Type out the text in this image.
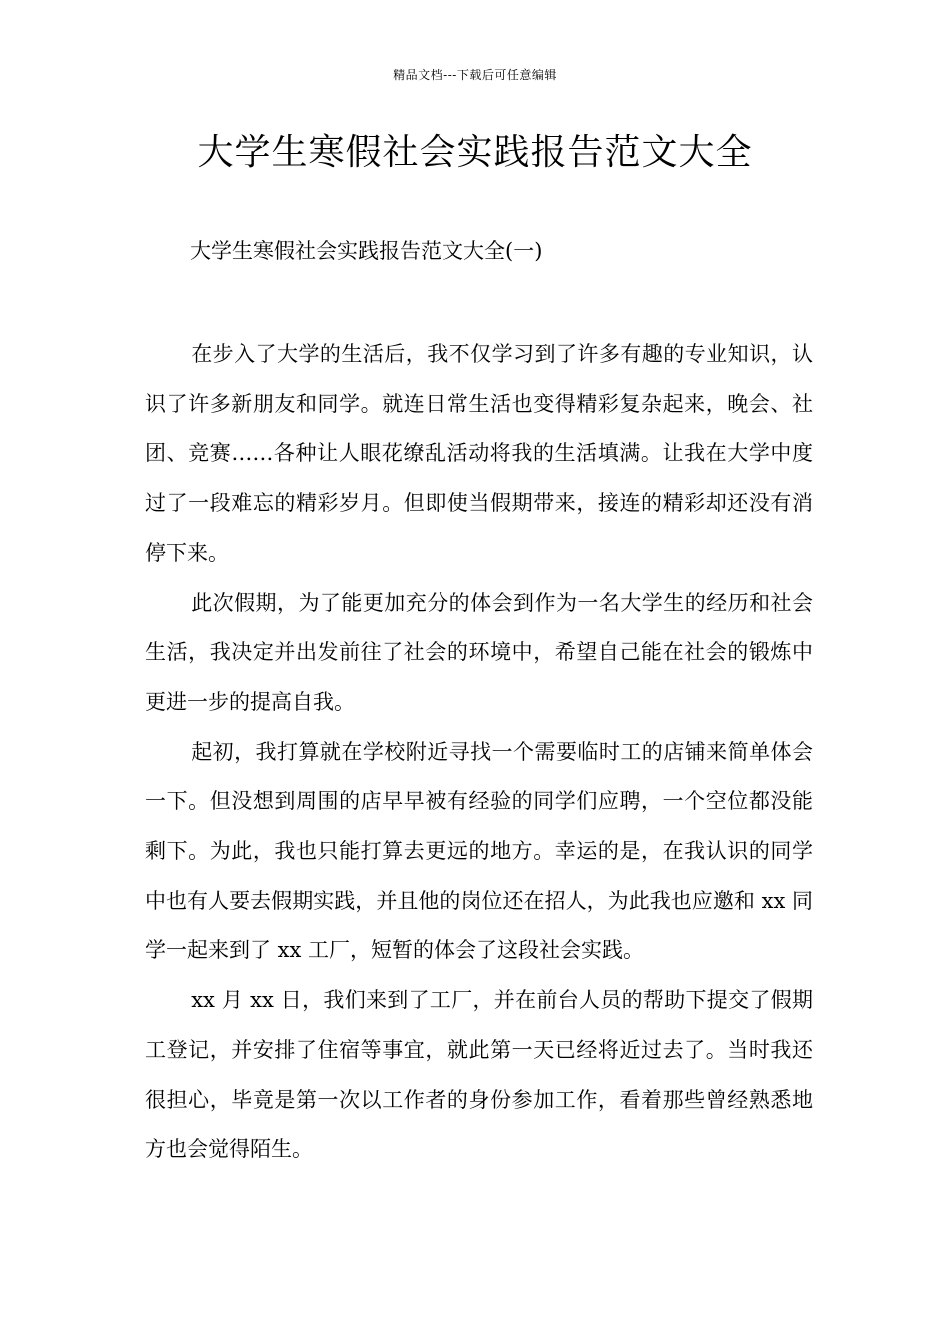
精品文档---下载后可任意编辑
大学生寒假社会实践报告范文大全
大学生寒假社会实践报告范文大全(一)

在步入了大学的生活后，我不仅学习到了许多有趣的专业知识，认识了许多新朋友和同学。就连日常生活也变得精彩复杂起来，晚会、社团、竞赛……各种让人眼花缭乱活动将我的生活填满。让我在大学中度过了一段难忘的精彩岁月。但即使当假期带来，接连的精彩却还没有消停下来。

此次假期，为了能更加充分的体会到作为一名大学生的经历和社会生活，我决定并出发前往了社会的环境中，希望自己能在社会的锻炼中更进一步的提高自我。

起初，我打算就在学校附近寻找一个需要临时工的店铺来简单体会一下。但没想到周围的店早早被有经验的同学们应聘，一个空位都没能剩下。为此，我也只能打算去更远的地方。幸运的是，在我认识的同学中也有人要去假期实践，并且他的岗位还在招人，为此我也应邀和 xx 同学一起来到了 xx 工厂，短暂的体会了这段社会实践。

xx 月 xx 日，我们来到了工厂，并在前台人员的帮助下提交了假期工登记，并安排了住宿等事宜，就此第一天已经将近过去了。当时我还很担心，毕竟是第一次以工作者的身份参加工作，看着那些曾经熟悉地方也会觉得陌生。
